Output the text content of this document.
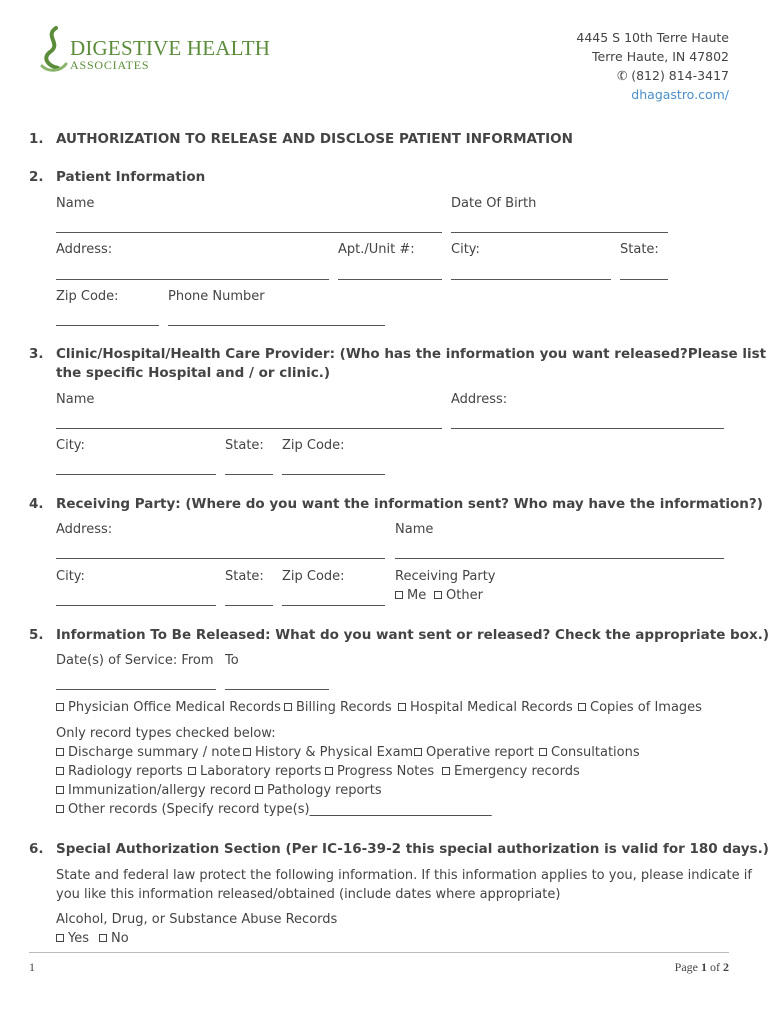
DIGESTIVE HEALTH
ASSOCIATES
4445 S 10th Terre Haute
Terre Haute, IN 47802
✆ (812) 814-3417
dhagastro.com/
1. AUTHORIZATION TO RELEASE AND DISCLOSE PATIENT INFORMATION
2. Patient Information
Name	Date Of Birth
Address:	Apt./Unit #:	City:	State:
Zip Code:	Phone Number
3. Clinic/Hospital/Health Care Provider: (Who has the information you want released?Please list
the specific Hospital and / or clinic.)
Name	Address:
City:	State: Zip Code:
4. Receiving Party: (Where do you want the information sent? Who may have the information?)
Address:	Name
City:	State: Zip Code:	Receiving Party
Me	Other
5. Information To Be Released: What do you want sent or released? Check the appropriate box.)
Date(s) of Service: From To
Physician Office Medical Records	Billing Records	Hospital Medical Records	Copies of Images
Only record types checked below:
Discharge summary / note	History & Physical Exam Operative report	Consultations
Radiology reports	Laboratory reports	Progress Notes	Emergency records
Immunization/allergy record	Pathology reports
Other records (Specify record type(s)____________________________
6. Special Authorization Section (Per IC-16-39-2 this special authorization is valid for 180 days.)
State and federal law protect the following information. If this information applies to you, please indicate if
you like this information released/obtained (include dates where appropriate)
Alcohol, Drug, or Substance Abuse Records
Yes	No
1	Page 1 of 2
